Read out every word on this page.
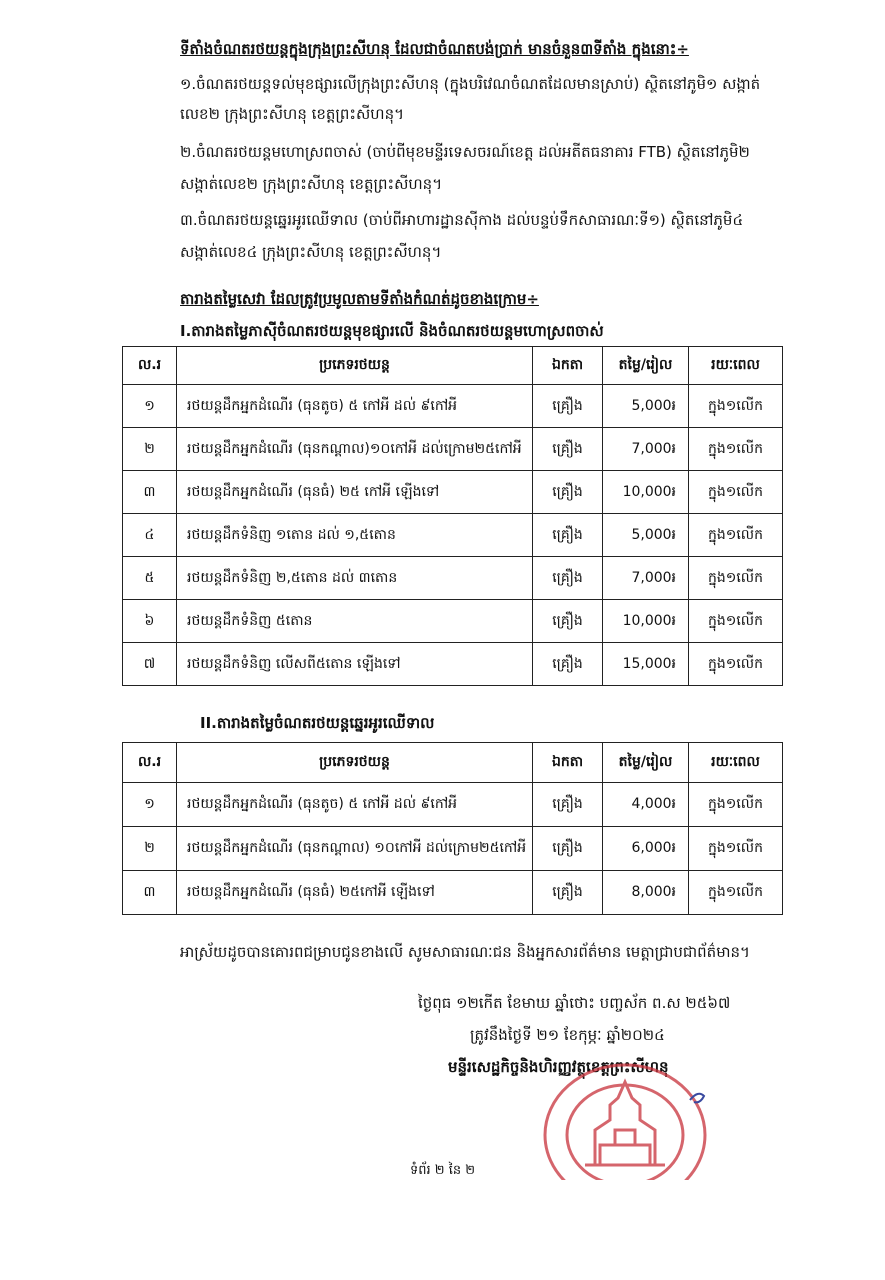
ទីតាំងចំណតរថយន្តក្នុងក្រុងព្រះសីហនុ ដែលជាចំណតបង់ប្រាក់ មានចំនួន៣ទីតាំង ក្នុងនោះ÷
១.ចំណតរថយន្តទល់មុខផ្សារលើក្រុងព្រះសីហនុ (ក្នុងបរិវេណចំណតដែលមានស្រាប់) ស្ថិតនៅភូមិ១ សង្កាត់
លេខ២ ក្រុងព្រះសីហនុ ខេត្តព្រះសីហនុ។
២.ចំណតរថយន្តមហោស្រពចាស់ (ចាប់ពីមុខមន្ទីរទេសចរណ៍ខេត្ត ដល់អតីតធនាគារ FTB) ស្ថិតនៅភូមិ២
សង្កាត់លេខ២ ក្រុងព្រះសីហនុ ខេត្តព្រះសីហនុ។
៣.ចំណតរថយន្តឆ្នេរអូរឈើទាល (ចាប់ពីអាហារដ្ឋានស៊ីកាង ដល់បន្ទប់ទឹកសាធារណៈទី១) ស្ថិតនៅភូមិ៤
សង្កាត់លេខ៤ ក្រុងព្រះសីហនុ ខេត្តព្រះសីហនុ។
តារាងតម្លៃសេវា ដែលត្រូវប្រមូលតាមទីតាំងកំណត់ដូចខាងក្រោម÷
I.តារាងតម្លៃភាស៊ីចំណតរថយន្តមុខផ្សារលើ និងចំណតរថយន្តមហោស្រពចាស់
ល.រ	ប្រភេទរថយន្ត	ឯកតា	តម្លៃ/រៀល	រយៈពេល
១	រថយន្តដឹកអ្នកដំណើរ (ធុនតូច) ៥ កៅអី ដល់ ៩កៅអី	គ្រឿង	5,000៛	ក្នុង១លើក
២	រថយន្តដឹកអ្នកដំណើរ (ធុនកណ្តាល)១០កៅអី ដល់ក្រោម២៥កៅអី	គ្រឿង	7,000៛	ក្នុង១លើក
៣	រថយន្តដឹកអ្នកដំណើរ (ធុនធំ) ២៥ កៅអី ឡើងទៅ	គ្រឿង	10,000៛	ក្នុង១លើក
៤	រថយន្តដឹកទំនិញ ១តោន ដល់ ១,៥តោន	គ្រឿង	5,000៛	ក្នុង១លើក
៥	រថយន្តដឹកទំនិញ ២,៥តោន ដល់ ៣តោន	គ្រឿង	7,000៛	ក្នុង១លើក
៦	រថយន្តដឹកទំនិញ ៥តោន	គ្រឿង	10,000៛	ក្នុង១លើក
៧	រថយន្តដឹកទំនិញ លើសពី៥តោន ឡើងទៅ	គ្រឿង	15,000៛	ក្នុង១លើក
II.តារាងតម្លៃចំណតរថយន្តឆ្នេរអូរឈើទាល
ល.រ	ប្រភេទរថយន្ត	ឯកតា	តម្លៃ/រៀល	រយៈពេល
១	រថយន្តដឹកអ្នកដំណើរ (ធុនតូច) ៥ កៅអី ដល់ ៩កៅអី	គ្រឿង	4,000៛	ក្នុង១លើក
២	រថយន្តដឹកអ្នកដំណើរ (ធុនកណ្តាល) ១០កៅអី ដល់ក្រោម២៥កៅអី	គ្រឿង	6,000៛	ក្នុង១លើក
៣	រថយន្តដឹកអ្នកដំណើរ (ធុនធំ) ២៥កៅអី ឡើងទៅ	គ្រឿង	8,000៛	ក្នុង១លើក
អាស្រ័យដូចបានគោរពជម្រាបជូនខាងលើ សូមសាធារណៈជន និងអ្នកសារព័ត៌មាន មេត្តាជ្រាបជាព័ត៌មាន។
ថ្ងៃពុធ ១២កើត ខែមាឃ ឆ្នាំថោះ បញ្ចស័ក ព.ស ២៥៦៧
ត្រូវនឹងថ្ងៃទី ២១ ខែកុម្ភៈ ឆ្នាំ២០២៤
មន្ទីរសេដ្ឋកិច្ចនិងហិរញ្ញវត្ថុខេត្តព្រះសីហនុ
ទំព័រ ២ នៃ ២
